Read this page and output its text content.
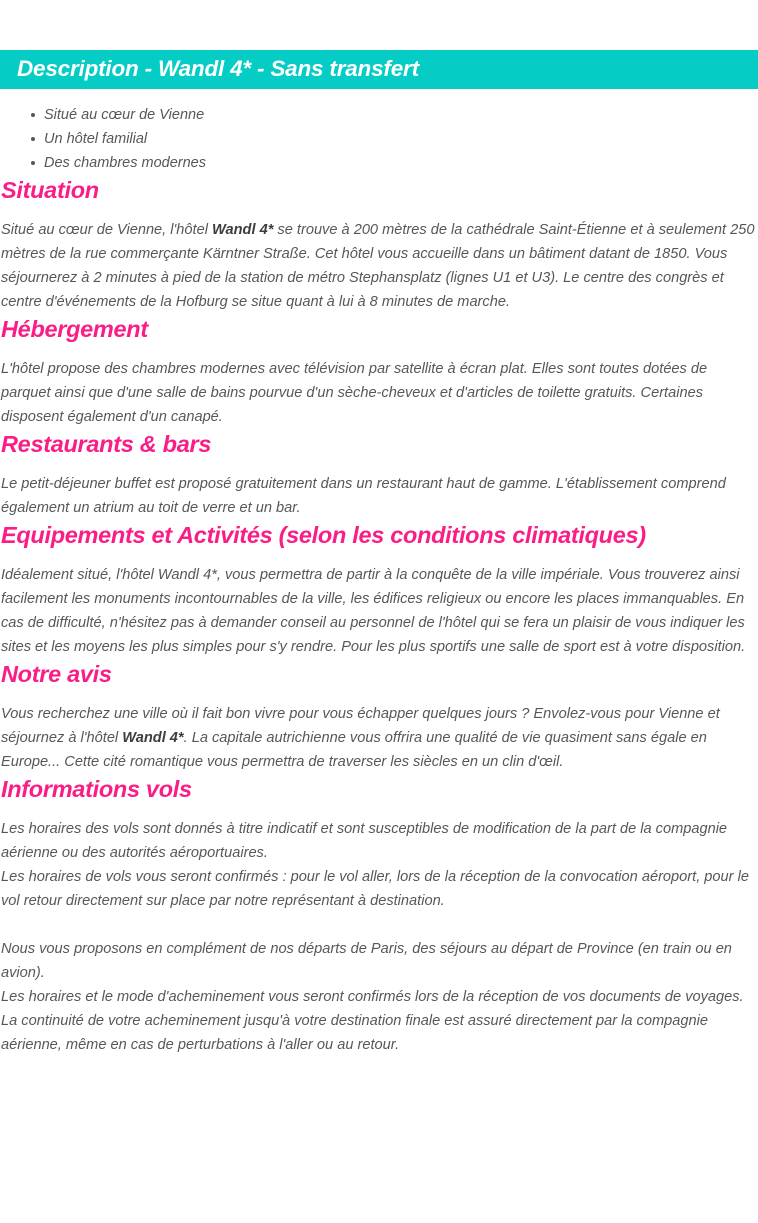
Description - Wandl 4* - Sans transfert
Situé au cœur de Vienne
Un hôtel familial
Des chambres modernes
Situation

Situé au cœur de Vienne, l'hôtel Wandl 4* se trouve à 200 mètres de la cathédrale Saint-Étienne et à seulement 250 mètres de la rue commerçante Kärntner Straße. Cet hôtel vous accueille dans un bâtiment datant de 1850. Vous séjournerez à 2 minutes à pied de la station de métro Stephansplatz (lignes U1 et U3). Le centre des congrès et centre d'événements de la Hofburg se situe quant à lui à 8 minutes de marche.

Hébergement

L'hôtel propose des chambres modernes avec télévision par satellite à écran plat. Elles sont toutes dotées de parquet ainsi que d'une salle de bains pourvue d'un sèche-cheveux et d'articles de toilette gratuits. Certaines disposent également d'un canapé.

Restaurants & bars

Le petit-déjeuner buffet est proposé gratuitement dans un restaurant haut de gamme. L'établissement comprend également un atrium au toit de verre et un bar.

Equipements et Activités (selon les conditions climatiques)

Idéalement situé, l'hôtel Wandl 4*, vous permettra de partir à la conquête de la ville impériale. Vous trouverez ainsi facilement les monuments incontournables de la ville, les édifices religieux ou encore les places immanquables. En cas de difficulté, n'hésitez pas à demander conseil au personnel de l'hôtel qui se fera un plaisir de vous indiquer les sites et les moyens les plus simples pour s'y rendre. Pour les plus sportifs une salle de sport est à votre disposition.

Notre avis

Vous recherchez une ville où il fait bon vivre pour vous échapper quelques jours ? Envolez-vous pour Vienne et séjournez à l'hôtel Wandl 4*. La capitale autrichienne vous offrira une qualité de vie quasiment sans égale en Europe... Cette cité romantique vous permettra de traverser les siècles en un clin d'œil.

Informations vols

Les horaires des vols sont donnés à titre indicatif et sont susceptibles de modification de la part de la compagnie aérienne ou des autorités aéroportuaires.

Les horaires de vols vous seront confirmés : pour le vol aller, lors de la réception de la convocation aéroport, pour le vol retour directement sur place par notre représentant à destination.

Nous vous proposons en complément de nos départs de Paris, des séjours au départ de Province (en train ou en avion).

Les horaires et le mode d'acheminement vous seront confirmés lors de la réception de vos documents de voyages.

La continuité de votre acheminement jusqu'à votre destination finale est assuré directement par la compagnie aérienne, même en cas de perturbations à l'aller ou au retour.
